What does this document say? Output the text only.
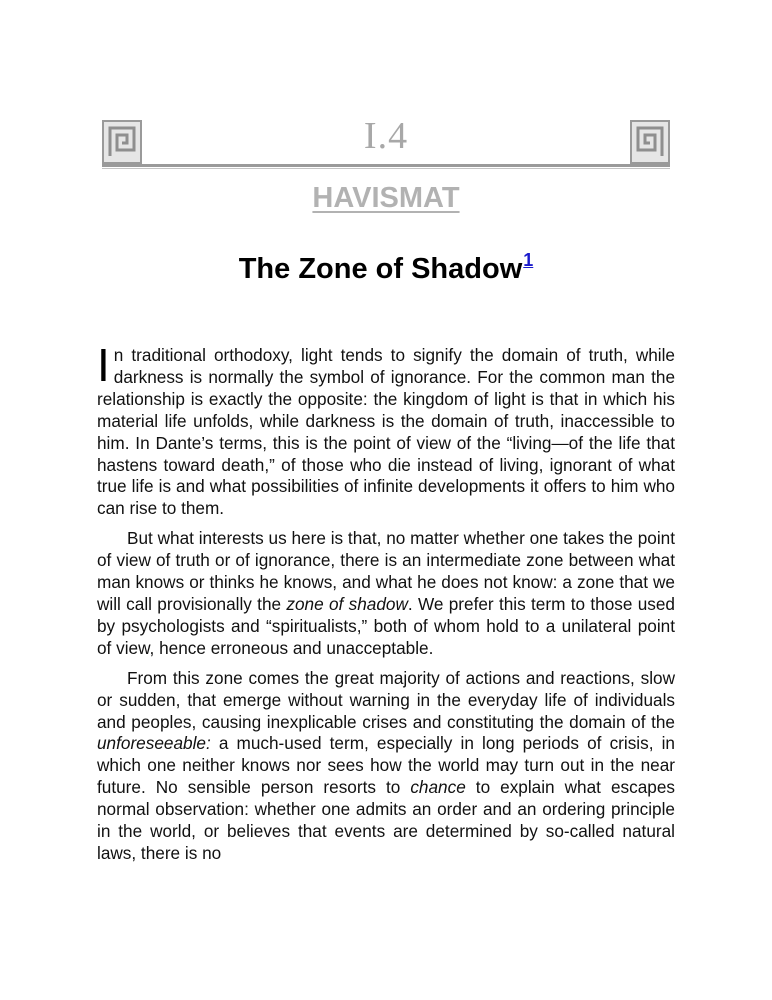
I.4
HAVISMAT
The Zone of Shadow$^1$

In traditional orthodoxy, light tends to signify the domain of truth, while darkness is normally the symbol of ignorance. For the common man the relationship is exactly the opposite: the kingdom of light is that in which his material life unfolds, while darkness is the domain of truth, inaccessible to him. In Dante’s terms, this is the point of view of the “living—of the life that hastens toward death,” of those who die instead of living, ignorant of what true life is and what possibilities of infinite developments it offers to him who can rise to them.

But what interests us here is that, no matter whether one takes the point of view of truth or of ignorance, there is an intermediate zone between what man knows or thinks he knows, and what he does not know: a zone that we will call provisionally the zone of shadow. We prefer this term to those used by psychologists and “spiritualists,” both of whom hold to a unilateral point of view, hence erroneous and unacceptable.

From this zone comes the great majority of actions and reactions, slow or sudden, that emerge without warning in the everyday life of individuals and peoples, causing inexplicable crises and constituting the domain of the unforeseeable: a much-used term, especially in long periods of crisis, in which one neither knows nor sees how the world may turn out in the near future. No sensible person resorts to chance to explain what escapes normal observation: whether one admits an order and an ordering principle in the world, or believes that events are determined by so-called natural laws, there is no
